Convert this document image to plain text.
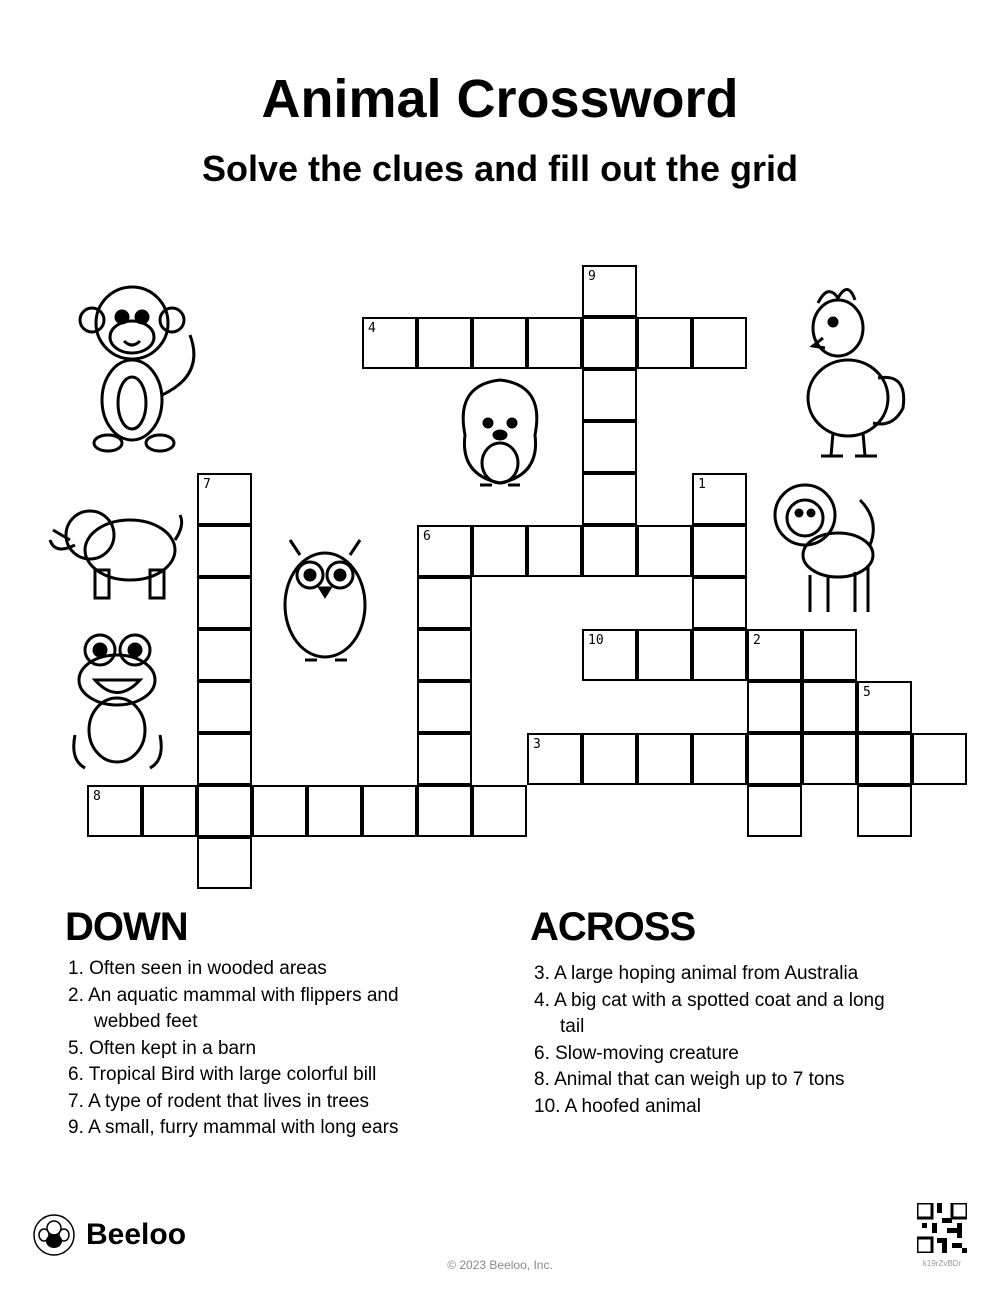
Animal Crossword
Solve the clues and fill out the grid
9
4
7	1
6
10	2
5
3
8
DOWN
1. Often seen in wooded areas
2. An aquatic mammal with flippers and webbed feet
5. Often kept in a barn
6. Tropical Bird with large colorful bill
7. A type of rodent that lives in trees
9. A small, furry mammal with long ears
ACROSS
3. A large hoping animal from Australia
4. A big cat with a spotted coat and a long tail
6. Slow-moving creature
8. Animal that can weigh up to 7 tons
10. A hoofed animal
Beeloo
© 2023 Beeloo, Inc.	k19rZvBDr
